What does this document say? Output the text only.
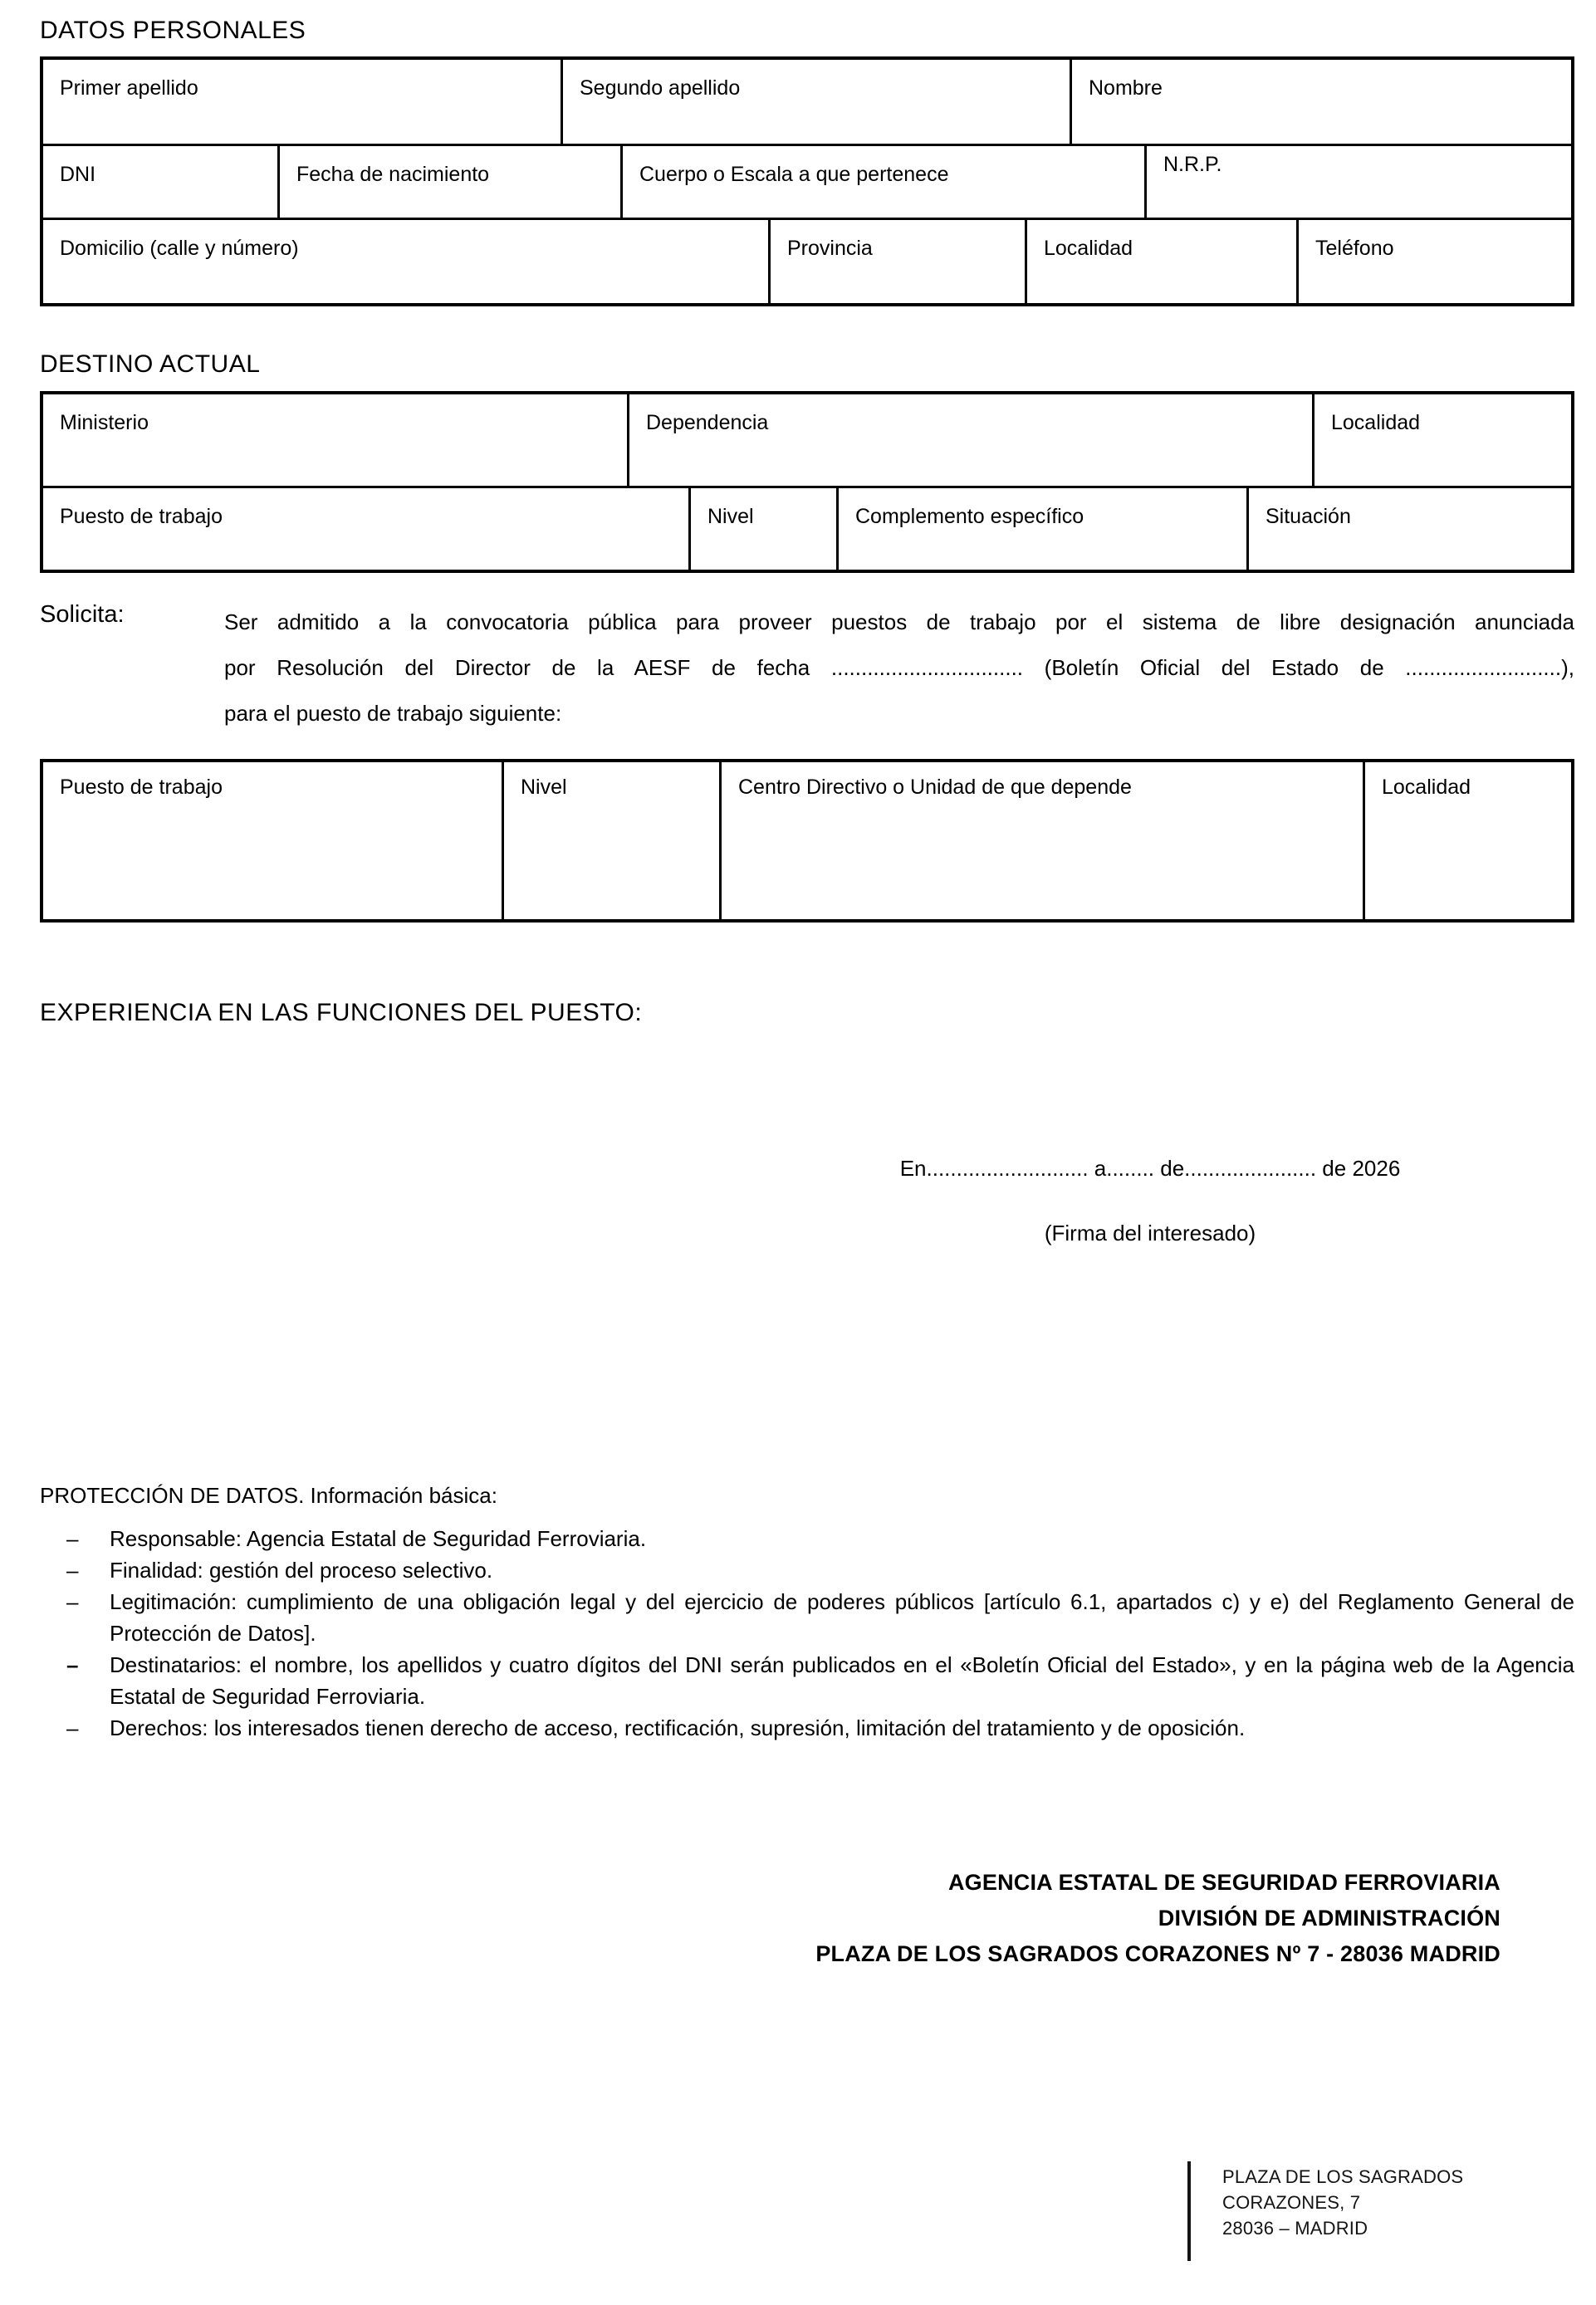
DATOS PERSONALES
Primer apellido	Segundo apellido	Nombre
DNI	Fecha de nacimiento	Cuerpo o Escala a que pertenece	N.R.P.
Domicilio (calle y número)	Provincia	Localidad	Teléfono
DESTINO ACTUAL
Ministerio	Dependencia	Localidad
Puesto de trabajo	Nivel	Complemento específico	Situación
Solicita:	Ser admitido a la convocatoria pública para proveer puestos de trabajo por el sistema de libre designación anunciada
por Resolución del Director de la AESF de fecha ................................ (Boletín Oficial del Estado de ..........................),
para el puesto de trabajo siguiente:
Puesto de trabajo	Nivel	Centro Directivo o Unidad de que depende	Localidad
EXPERIENCIA EN LAS FUNCIONES DEL PUESTO:
En........................... a........ de...................... de 2026
(Firma del interesado)
PROTECCIÓN DE DATOS. Información básica:
–	Responsable: Agencia Estatal de Seguridad Ferroviaria.
–	Finalidad: gestión del proceso selectivo.
–	Legitimación: cumplimiento de una obligación legal y del ejercicio de poderes públicos [artículo 6.1, apartados c) y e) del Reglamento General de Protección de Datos].
–	Destinatarios: el nombre, los apellidos y cuatro dígitos del DNI serán publicados en el «Boletín Oficial del Estado», y en la página web de la Agencia Estatal de Seguridad Ferroviaria.
–	Derechos: los interesados tienen derecho de acceso, rectificación, supresión, limitación del tratamiento y de oposición.
AGENCIA ESTATAL DE SEGURIDAD FERROVIARIA
DIVISIÓN DE ADMINISTRACIÓN
PLAZA DE LOS SAGRADOS CORAZONES Nº 7 - 28036 MADRID
PLAZA DE LOS SAGRADOS
CORAZONES, 7
28036 – MADRID
